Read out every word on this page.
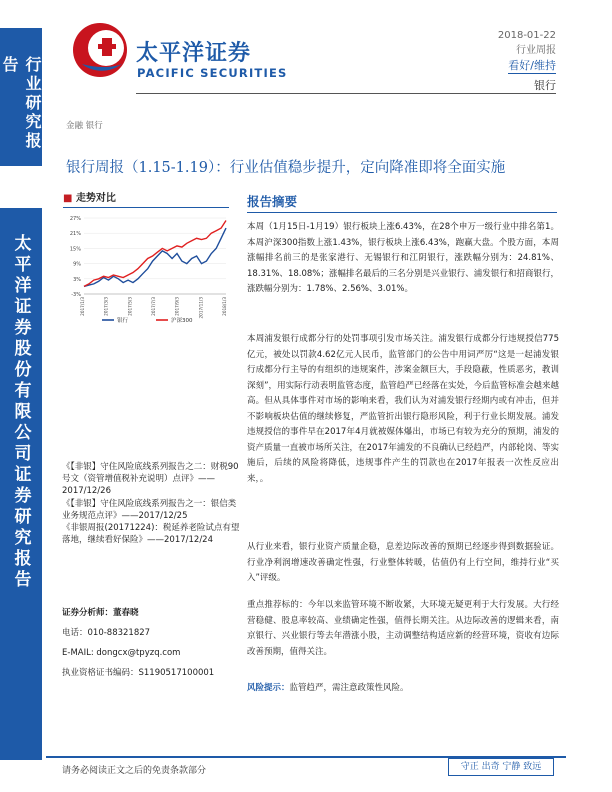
行业研究报告
太平洋证券股份有限公司证券研究报告
太平洋证券
PACIFIC SECURITIES
2018-01-22
行业周报
看好/维持
银行
金融 银行
银行周报（1.15-1.19）：行业估值稳步提升，定向降准即将全面实施
■ 走势对比
27%
21%
15%
9%
3%
-3%
2017/1/3	2017/3/3	2017/5/3	2017/7/3	2017/9/3	2017/11/3	2018/1/3
银行	沪深300

《【非银】守住风险底线系列报告之二：财税90号文（资管增值税补充说明）点评》——2017/12/26

《【非银】守住风险底线系列报告之一：银信类业务规范点评》——2017/12/25

《非银周报(20171224)：税延养老险试点有望落地，继续看好保险》——2017/12/24

证券分析师：董春晓
电话：010-88321827
E-MAIL: dongcx@tpyzq.com
执业资格证书编码：S1190517100001
报告摘要
本周（1月15日-1月19）银行板块上涨6.43%，在28个申万一级行业中排名第1。本周沪深300指数上涨1.43%，银行板块上涨6.43%，跑赢大盘。个股方面，本周涨幅排名前三的是张家港行、无锡银行和江阴银行，涨跌幅分别为：24.81%、18.31%、18.08%；涨幅排名最后的三名分别是兴业银行、浦发银行和招商银行，涨跌幅分别为：1.78%、2.56%、3.01%。
本周浦发银行成都分行的处罚事项引发市场关注。浦发银行成都分行违规授信775亿元，被处以罚款4.62亿元人民币，监管部门的公告中用词严厉“这是一起浦发银行成都分行主导的有组织的违规案件，涉案金额巨大，手段隐蔽，性质恶劣，教训深刻”，用实际行动表明监管态度，监管趋严已经落在实处，今后监管标准会越来越高。但从具体事件对市场的影响来看，我们认为对浦发银行经期内或有冲击，但并不影响板块估值的继续修复，严监管折出银行隐形风险，利于行业长期发展。浦发违规授信的事件早在2017年4月就被媒体爆出，市场已有较为充分的预期，浦发的资产质量一直被市场所关注，在2017年浦发的不良确认已经趋严，内部轮岗、等实施后，后续的风险将降低，违规事件产生的罚款也在2017年报表一次性反应出来，。
从行业来看，银行业资产质量企稳，息差边际改善的预期已经逐步得到数据验证。行业净利润增速改善确定性强，行业整体转暖，估值仍有上行空间，维持行业“买入”评级。
重点推荐标的：今年以来监管环境不断收紧，大环境无疑更利于大行发展。大行经营稳健、股息率较高、业绩确定性强，值得长期关注。从边际改善的逻辑来看，南京银行、兴业银行等去年潜涨小股，主动调整结构适应新的经营环境，资收有边际改善预期，值得关注。
风险提示：监管趋严，需注意政策性风险。
请务必阅读正文之后的免责条款部分	守正 出奇 宁静 致远
